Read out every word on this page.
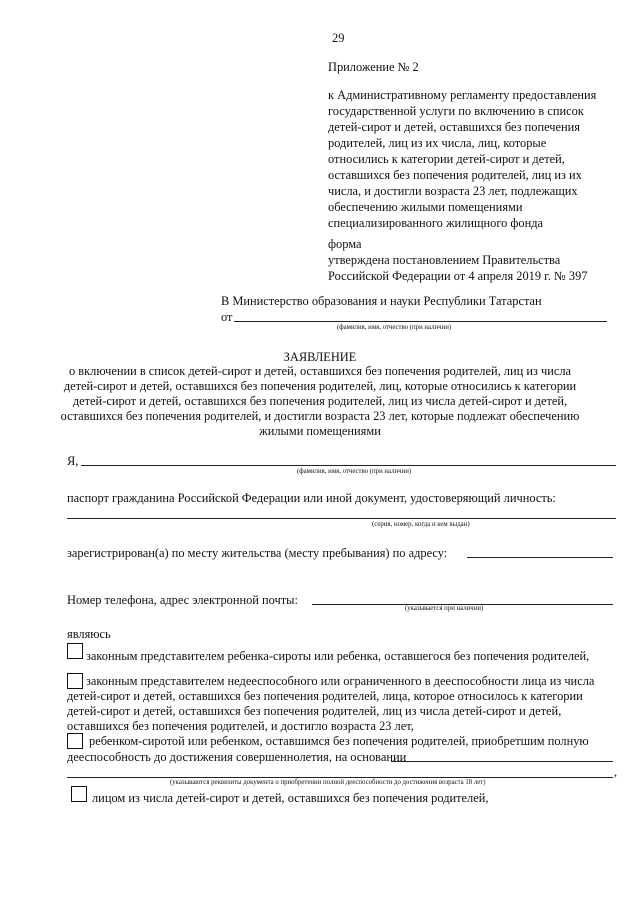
29
Приложение № 2
к Административному регламенту предоставления
государственной услуги по включению в список
детей-сирот и детей, оставшихся без попечения
родителей, лиц из их числа, лиц, которые
относились к категории детей-сирот и детей,
оставшихся без попечения родителей, лиц из их
числа, и достигли возраста 23 лет, подлежащих
обеспечению жилыми помещениями
специализированного жилищного фонда
форма
утверждена постановлением Правительства
Российской Федерации от 4 апреля 2019 г. № 397
В Министерство образования и науки Республики Татарстан
от
(фамилия, имя, отчество (при наличии)
ЗАЯВЛЕНИЕ
о включении в список детей-сирот и детей, оставшихся без попечения родителей, лиц из числа
детей-сирот и детей, оставшихся без попечения родителей, лиц, которые относились к категории
детей-сирот и детей, оставшихся без попечения родителей, лиц из числа детей-сирот и детей,
оставшихся без попечения родителей, и достигли возраста 23 лет, которые подлежат обеспечению
жилыми помещениями
Я,
(фамилия, имя, отчество (при наличии)
паспорт гражданина Российской Федерации или иной документ, удостоверяющий личность:
(серия, номер, когда и кем выдан)
зарегистрирован(а) по месту жительства (месту пребывания) по адресу:
Номер телефона, адрес электронной почты:
(указывается при наличии)
являюсь
законным представителем ребенка-сироты или ребенка, оставшегося без попечения родителей,
законным представителем недееспособного или ограниченного в дееспособности лица из числа
детей-сирот и детей, оставшихся без попечения родителей, лица, которое относилось к категории
детей-сирот и детей, оставшихся без попечения родителей, лиц из числа детей-сирот и детей,
оставшихся без попечения родителей, и достигло возраста 23 лет,
ребенком-сиротой или ребенком, оставшимся без попечения родителей, приобретшим полную
дееспособность до достижения совершеннолетия, на основании
,
(указываются реквизиты документа о приобретении полной дееспособности до достижения возраста 18 лет)
лицом из числа детей-сирот и детей, оставшихся без попечения родителей,
